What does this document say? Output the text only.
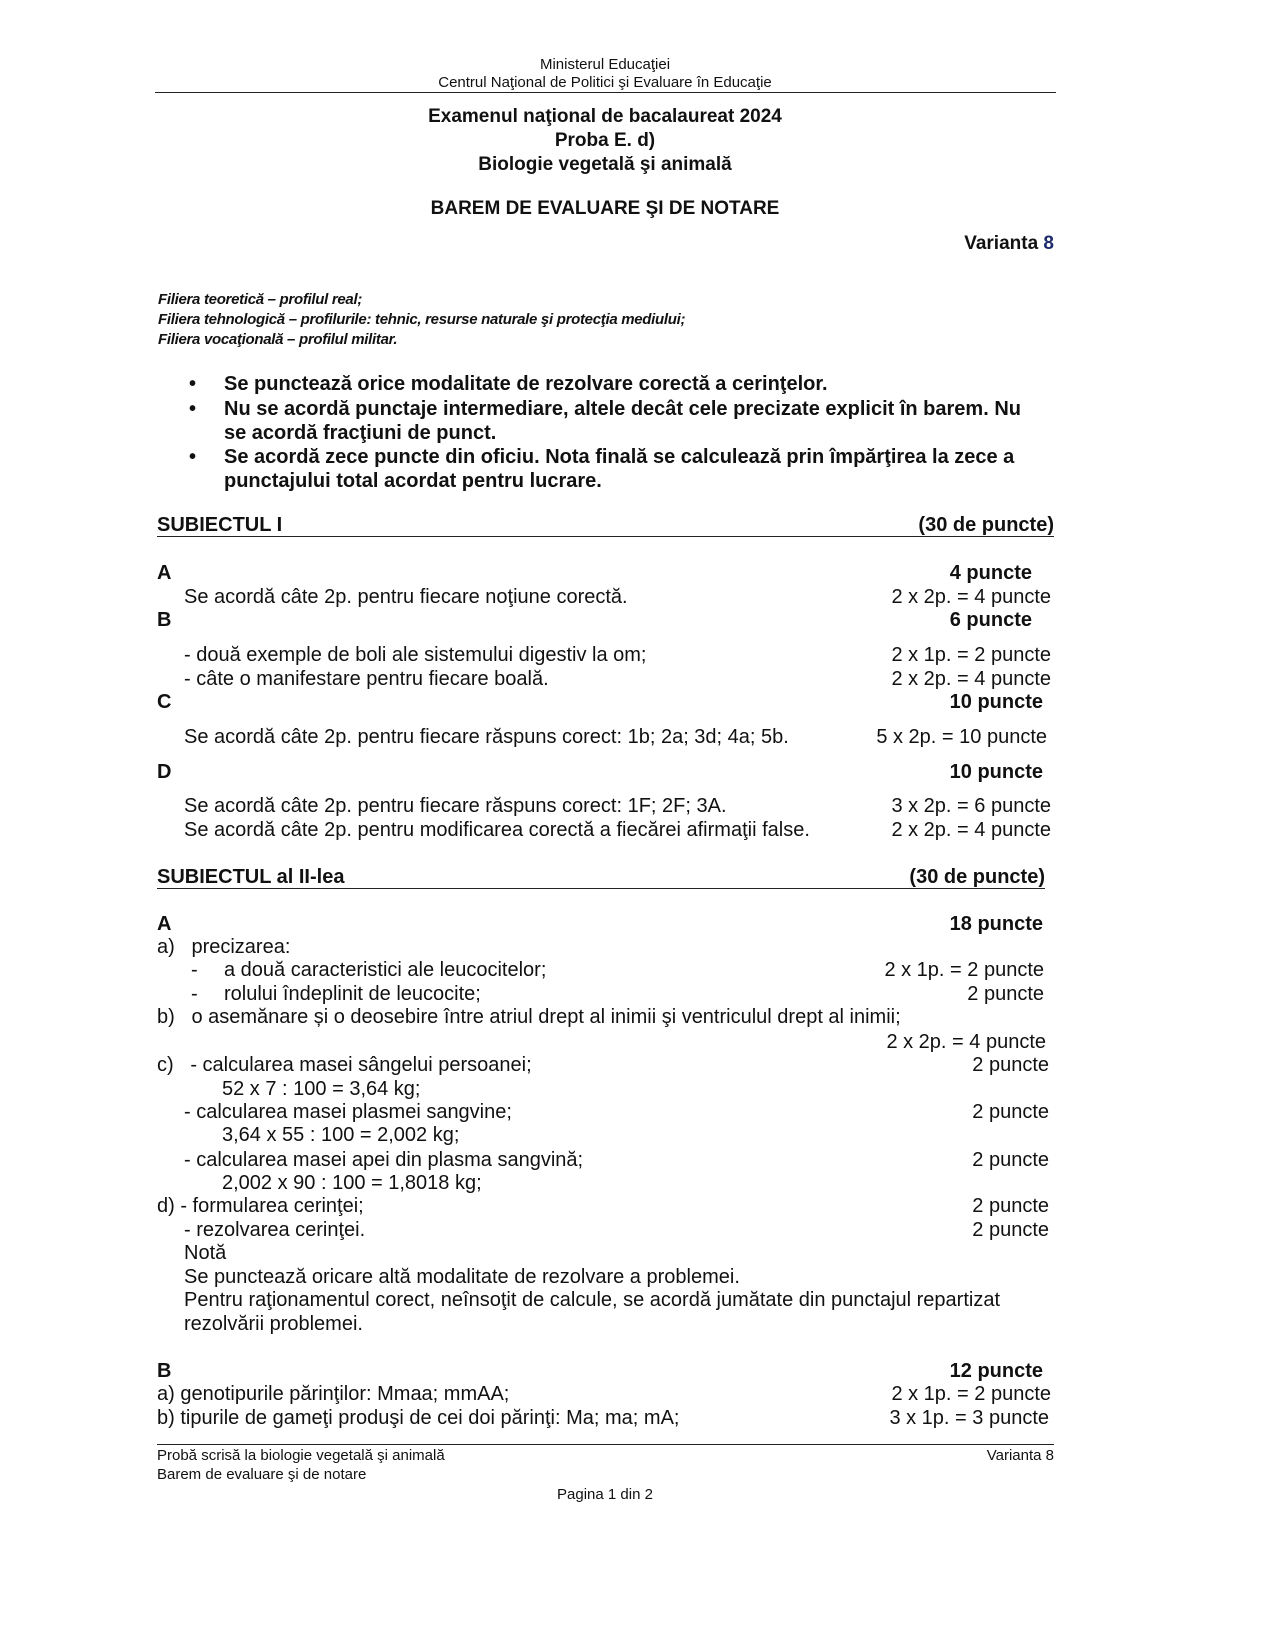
Ministerul Educaţiei
Centrul Naţional de Politici şi Evaluare în Educaţie
Examenul naţional de bacalaureat 2024
Proba E. d)
Biologie vegetală şi animală
BAREM DE EVALUARE ŞI DE NOTARE
Varianta 8
Filiera teoretică – profilul real;
Filiera tehnologică – profilurile: tehnic, resurse naturale şi protecţia mediului;
Filiera vocaţională – profilul militar.
• Se punctează orice modalitate de rezolvare corectă a cerinţelor.
• Nu se acordă punctaje intermediare, altele decât cele precizate explicit în barem. Nu
se acordă fracţiuni de punct.
• Se acordă zece puncte din oficiu. Nota finală se calculează prin împărţirea la zece a
punctajului total acordat pentru lucrare.
SUBIECTUL I	(30 de puncte)
A	4 puncte
Se acordă câte 2p. pentru fiecare noţiune corectă.	2 x 2p. = 4 puncte
B	6 puncte
- două exemple de boli ale sistemului digestiv la om;	2 x 1p. = 2 puncte
- câte o manifestare pentru fiecare boală.	2 x 2p. = 4 puncte
C	10 puncte
Se acordă câte 2p. pentru fiecare răspuns corect: 1b; 2a; 3d; 4a; 5b.	5 x 2p. = 10 puncte
D	10 puncte
Se acordă câte 2p. pentru fiecare răspuns corect: 1F; 2F; 3A.	3 x 2p. = 6 puncte
Se acordă câte 2p. pentru modificarea corectă a fiecărei afirmaţii false.	2 x 2p. = 4 puncte
SUBIECTUL al II-lea	(30 de puncte)
A	18 puncte
a)   precizarea:
- a două caracteristici ale leucocitelor;	2 x 1p. = 2 puncte
- rolului îndeplinit de leucocite;	2 puncte
b)   o asemănare și o deosebire între atriul drept al inimii şi ventriculul drept al inimii;
2 x 2p. = 4 puncte
c)   - calcularea masei sângelui persoanei;	2 puncte
52 x 7 : 100 = 3,64 kg;
- calcularea masei plasmei sangvine;	2 puncte
3,64 x 55 : 100 = 2,002 kg;
- calcularea masei apei din plasma sangvină;	2 puncte
2,002 x 90 : 100 = 1,8018 kg;
d) - formularea cerinţei;	2 puncte
- rezolvarea cerinţei.	2 puncte
Notă
Se punctează oricare altă modalitate de rezolvare a problemei.
Pentru raţionamentul corect, neînsoţit de calcule, se acordă jumătate din punctajul repartizat
rezolvării problemei.
B	12 puncte
a) genotipurile părinţilor: Mmaa; mmAA;	2 x 1p. = 2 puncte
b) tipurile de gameţi produşi de cei doi părinţi: Ma; ma; mA;	3 x 1p. = 3 puncte
Probă scrisă la biologie vegetală şi animală	Varianta 8
Barem de evaluare şi de notare
Pagina 1 din 2
